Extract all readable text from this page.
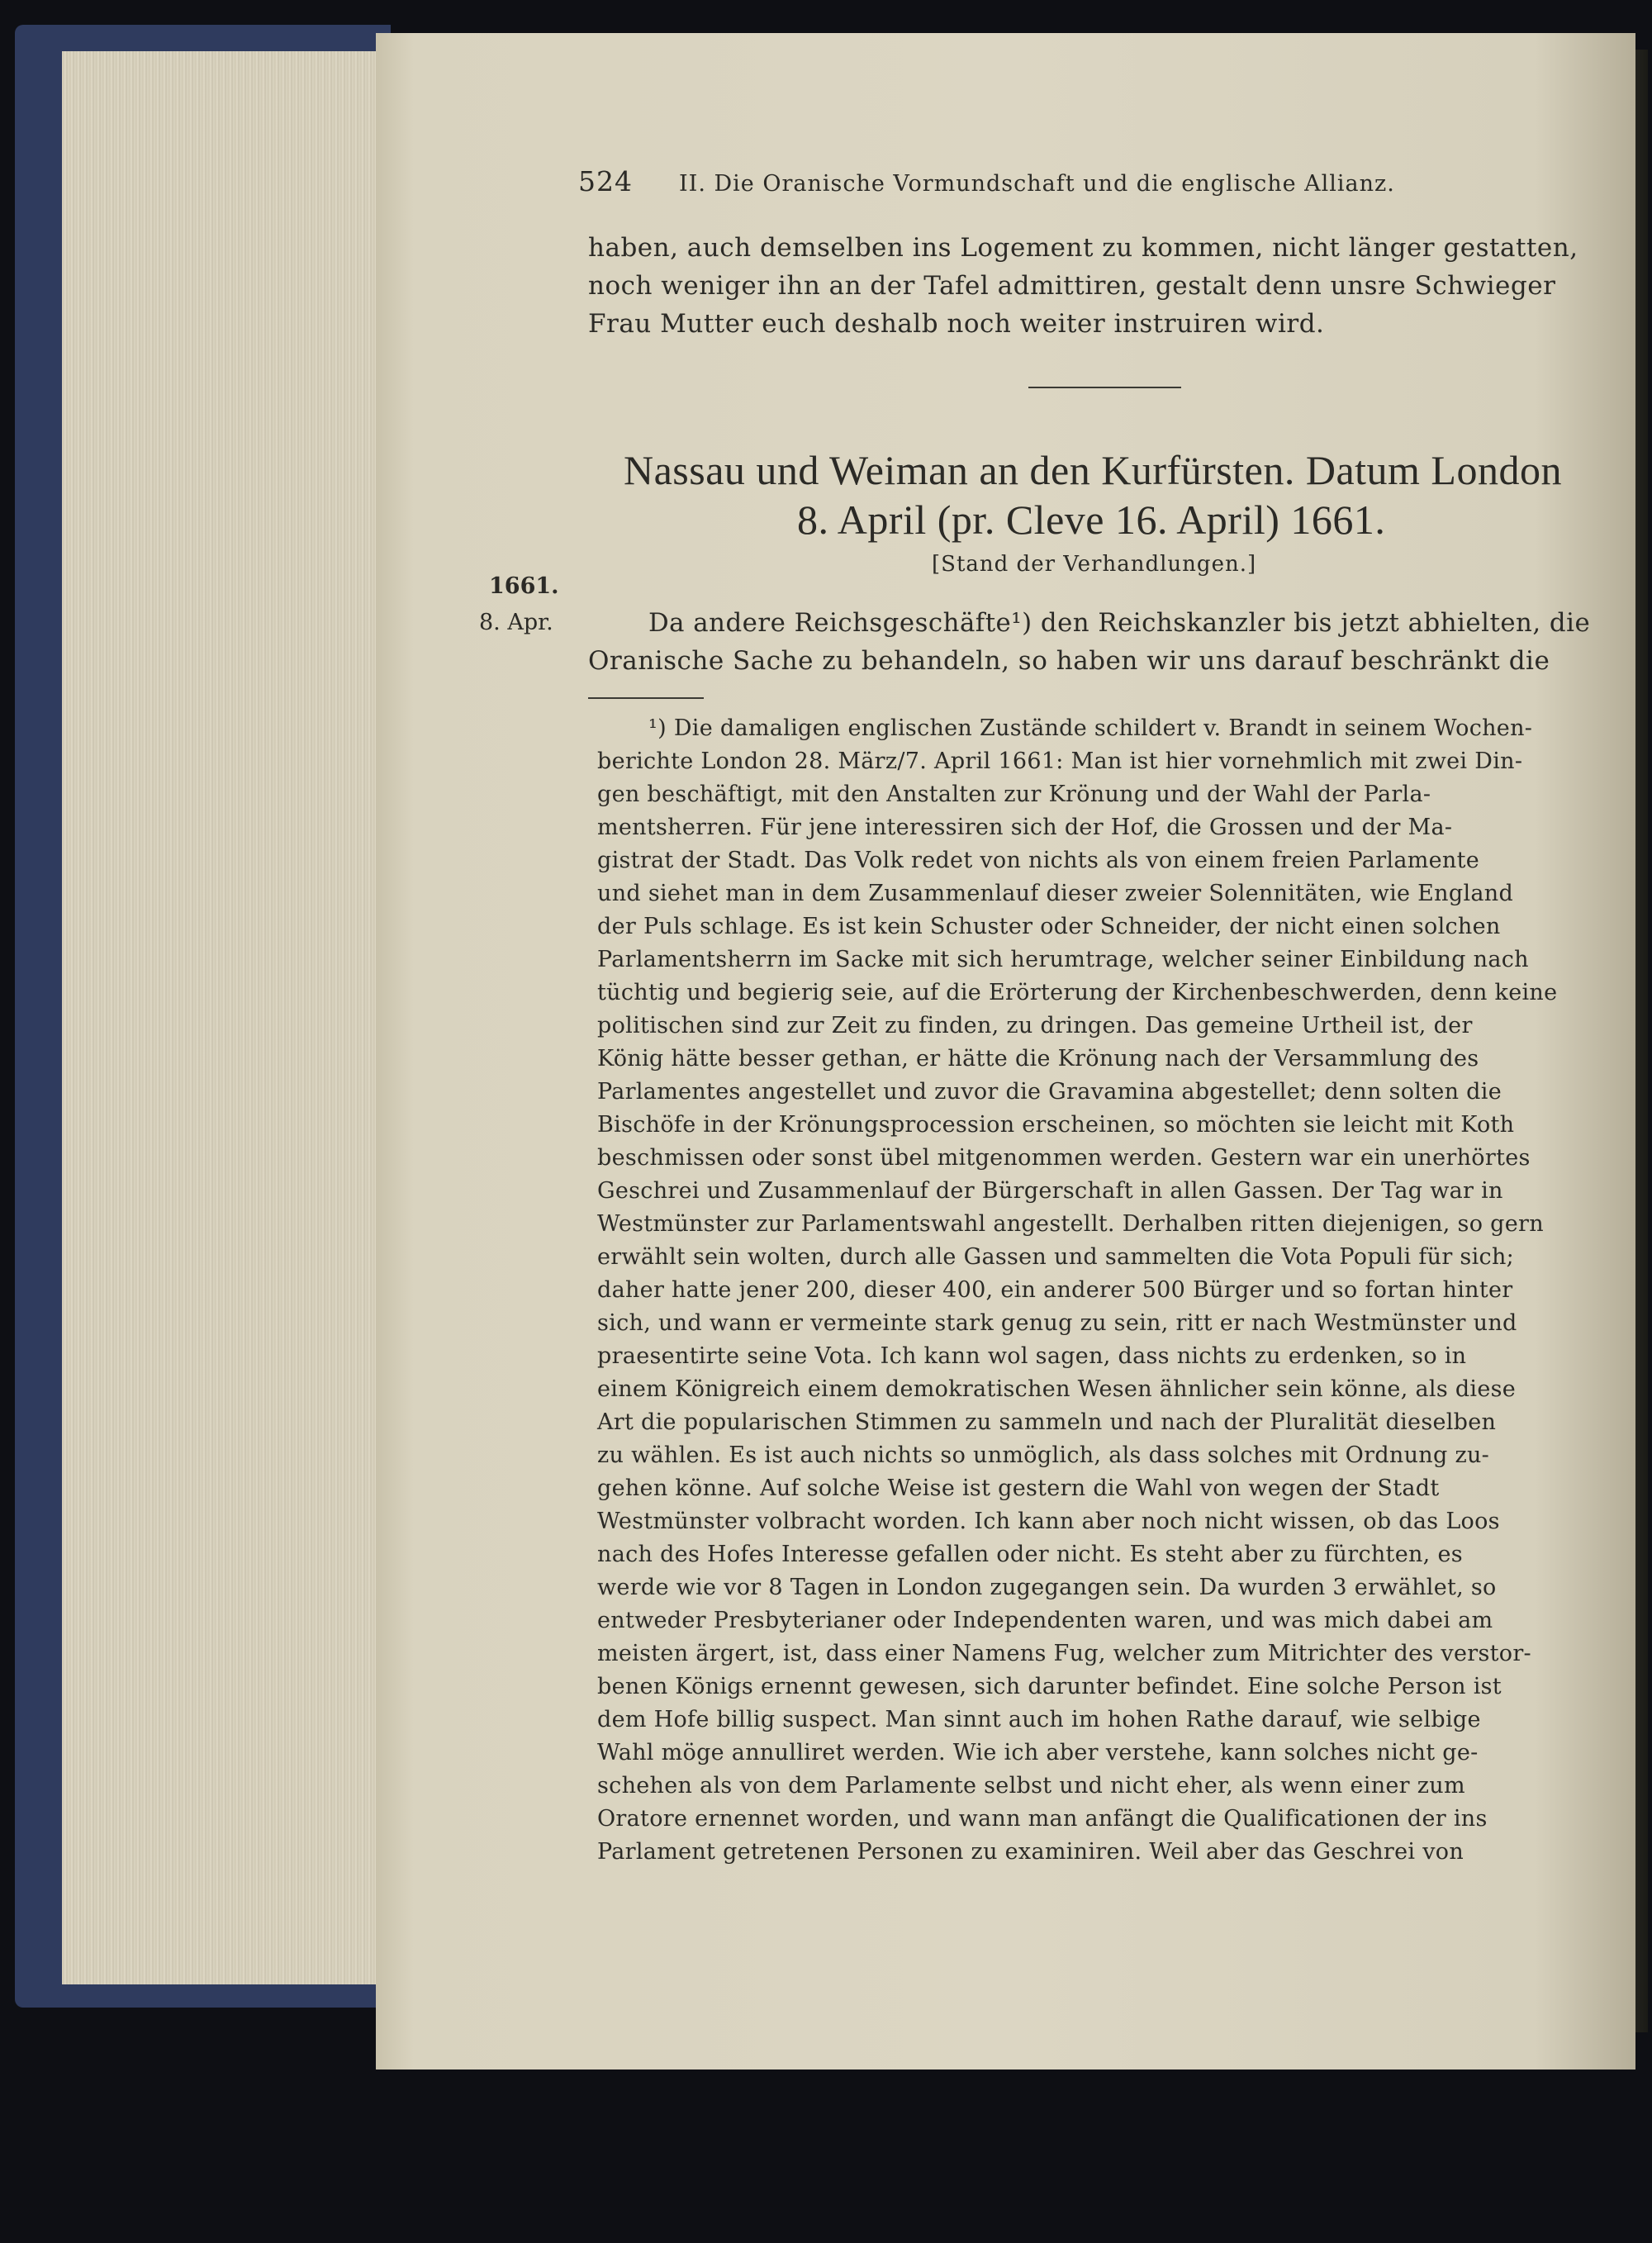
524 II. Die Oranische Vormundschaft und die englische Allianz.
haben, auch demselben ins Logement zu kommen, nicht länger gestatten,
noch weniger ihn an der Tafel admittiren, gestalt denn unsre Schwieger
Frau Mutter euch deshalb noch weiter instruiren wird.
Nassau und Weiman an den Kurfürsten. Datum London
8. April (pr. Cleve 16. April) 1661.
[Stand der Verhandlungen.]
1661.
8. Apr.	Da andere Reichsgeschäfte¹) den Reichskanzler bis jetzt abhielten, die
Oranische Sache zu behandeln, so haben wir uns darauf beschränkt die
¹) Die damaligen englischen Zustände schildert v. Brandt in seinem Wochen-
berichte London 28. März/7. April 1661: Man ist hier vornehmlich mit zwei Din-
gen beschäftigt, mit den Anstalten zur Krönung und der Wahl der Parla-
mentsherren. Für jene interessiren sich der Hof, die Grossen und der Ma-
gistrat der Stadt. Das Volk redet von nichts als von einem freien Parlamente
und siehet man in dem Zusammenlauf dieser zweier Solennitäten, wie England
der Puls schlage. Es ist kein Schuster oder Schneider, der nicht einen solchen
Parlamentsherrn im Sacke mit sich herumtrage, welcher seiner Einbildung nach
tüchtig und begierig seie, auf die Erörterung der Kirchenbeschwerden, denn keine
politischen sind zur Zeit zu finden, zu dringen. Das gemeine Urtheil ist, der
König hätte besser gethan, er hätte die Krönung nach der Versammlung des
Parlamentes angestellet und zuvor die Gravamina abgestellet; denn solten die
Bischöfe in der Krönungsprocession erscheinen, so möchten sie leicht mit Koth
beschmissen oder sonst übel mitgenommen werden. Gestern war ein unerhörtes
Geschrei und Zusammenlauf der Bürgerschaft in allen Gassen. Der Tag war in
Westmünster zur Parlamentswahl angestellt. Derhalben ritten diejenigen, so gern
erwählt sein wolten, durch alle Gassen und sammelten die Vota Populi für sich;
daher hatte jener 200, dieser 400, ein anderer 500 Bürger und so fortan hinter
sich, und wann er vermeinte stark genug zu sein, ritt er nach Westmünster und
praesentirte seine Vota. Ich kann wol sagen, dass nichts zu erdenken, so in
einem Königreich einem demokratischen Wesen ähnlicher sein könne, als diese
Art die popularischen Stimmen zu sammeln und nach der Pluralität dieselben
zu wählen. Es ist auch nichts so unmöglich, als dass solches mit Ordnung zu-
gehen könne. Auf solche Weise ist gestern die Wahl von wegen der Stadt
Westmünster volbracht worden. Ich kann aber noch nicht wissen, ob das Loos
nach des Hofes Interesse gefallen oder nicht. Es steht aber zu fürchten, es
werde wie vor 8 Tagen in London zugegangen sein. Da wurden 3 erwählet, so
entweder Presbyterianer oder Independenten waren, und was mich dabei am
meisten ärgert, ist, dass einer Namens Fug, welcher zum Mitrichter des verstor-
benen Königs ernennt gewesen, sich darunter befindet. Eine solche Person ist
dem Hofe billig suspect. Man sinnt auch im hohen Rathe darauf, wie selbige
Wahl möge annulliret werden. Wie ich aber verstehe, kann solches nicht ge-
schehen als von dem Parlamente selbst und nicht eher, als wenn einer zum
Oratore ernennet worden, und wann man anfängt die Qualificationen der ins
Parlament getretenen Personen zu examiniren. Weil aber das Geschrei von
